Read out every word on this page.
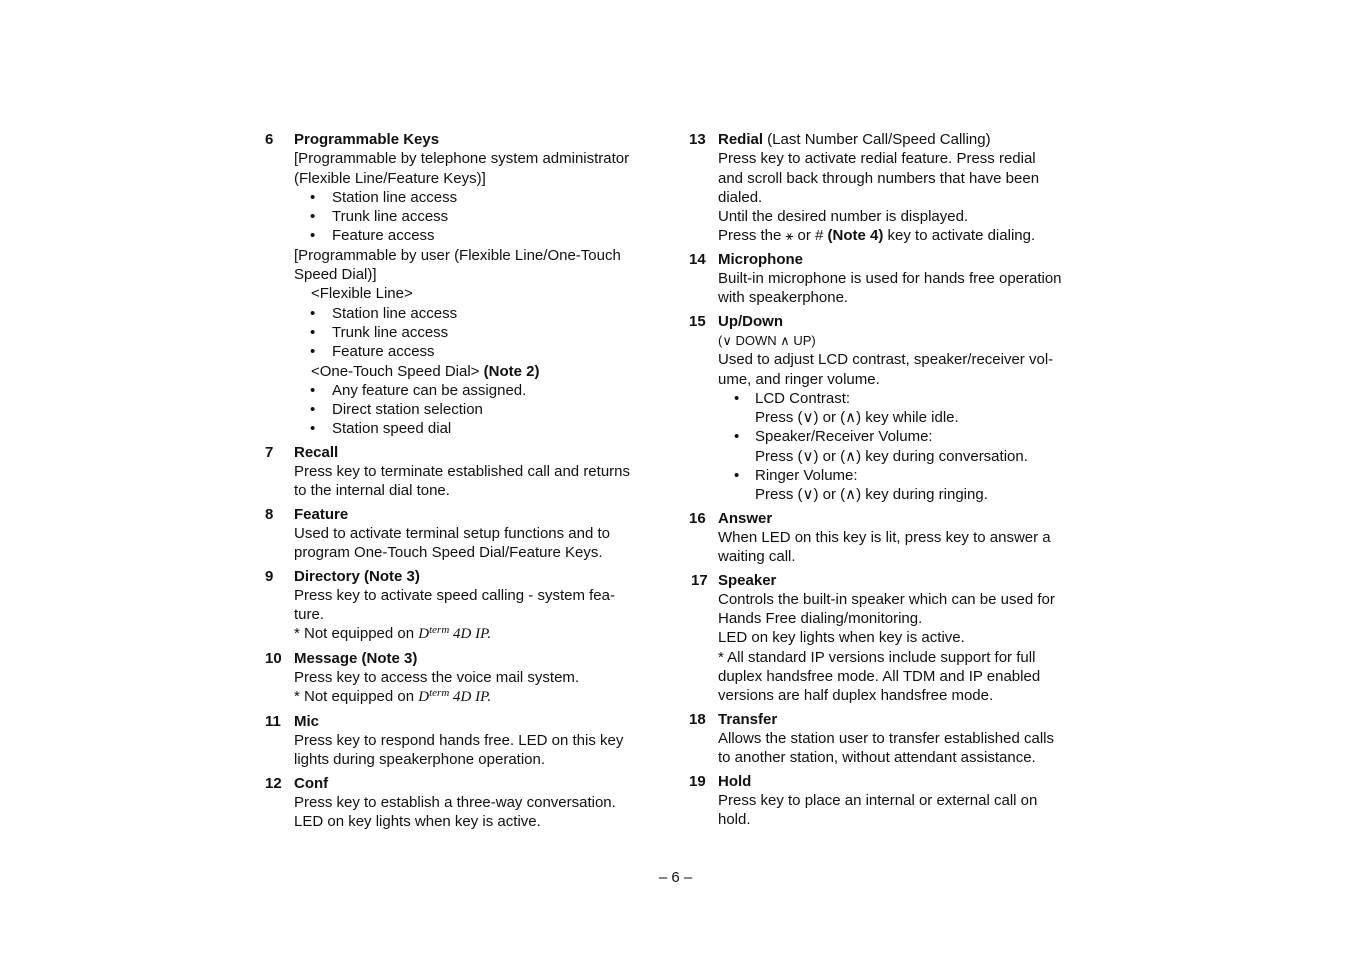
6 Programmable Keys
[Programmable by telephone system administrator
(Flexible Line/Feature Keys)]
• Station line access
• Trunk line access
• Feature access
[Programmable by user (Flexible Line/One-Touch
Speed Dial)]
<Flexible Line>
• Station line access
• Trunk line access
• Feature access
<One-Touch Speed Dial> (Note 2)
• Any feature can be assigned.
• Direct station selection
• Station speed dial
7 Recall
Press key to terminate established call and returns
to the internal dial tone.
8 Feature
Used to activate terminal setup functions and to
program One-Touch Speed Dial/Feature Keys.
9 Directory (Note 3)
Press key to activate speed calling - system fea-
ture.
* Not equipped on $D^{term}$ 4D IP.
10 Message (Note 3)
Press key to access the voice mail system.
* Not equipped on $D^{term}$ 4D IP.
11 Mic
Press key to respond hands free. LED on this key
lights during speakerphone operation.
12 Conf
Press key to establish a three-way conversation.
LED on key lights when key is active.
13 Redial (Last Number Call/Speed Calling)
Press key to activate redial feature. Press redial
and scroll back through numbers that have been
dialed.
Until the desired number is displayed.
Press the ⚹ or # (Note 4) key to activate dialing.
14 Microphone
Built-in microphone is used for hands free operation
with speakerphone.
15 Up/Down
(∨ DOWN ∧ UP)
Used to adjust LCD contrast, speaker/receiver vol-
ume, and ringer volume.
• LCD Contrast:
Press (∨) or (∧) key while idle.
• Speaker/Receiver Volume:
Press (∨) or (∧) key during conversation.
• Ringer Volume:
Press (∨) or (∧) key during ringing.
16 Answer
When LED on this key is lit, press key to answer a
waiting call.
17 Speaker
Controls the built-in speaker which can be used for
Hands Free dialing/monitoring.
LED on key lights when key is active.
* All standard IP versions include support for full
duplex handsfree mode. All TDM and IP enabled
versions are half duplex handsfree mode.
18 Transfer
Allows the station user to transfer established calls
to another station, without attendant assistance.
19 Hold
Press key to place an internal or external call on
hold.
– 6 –
